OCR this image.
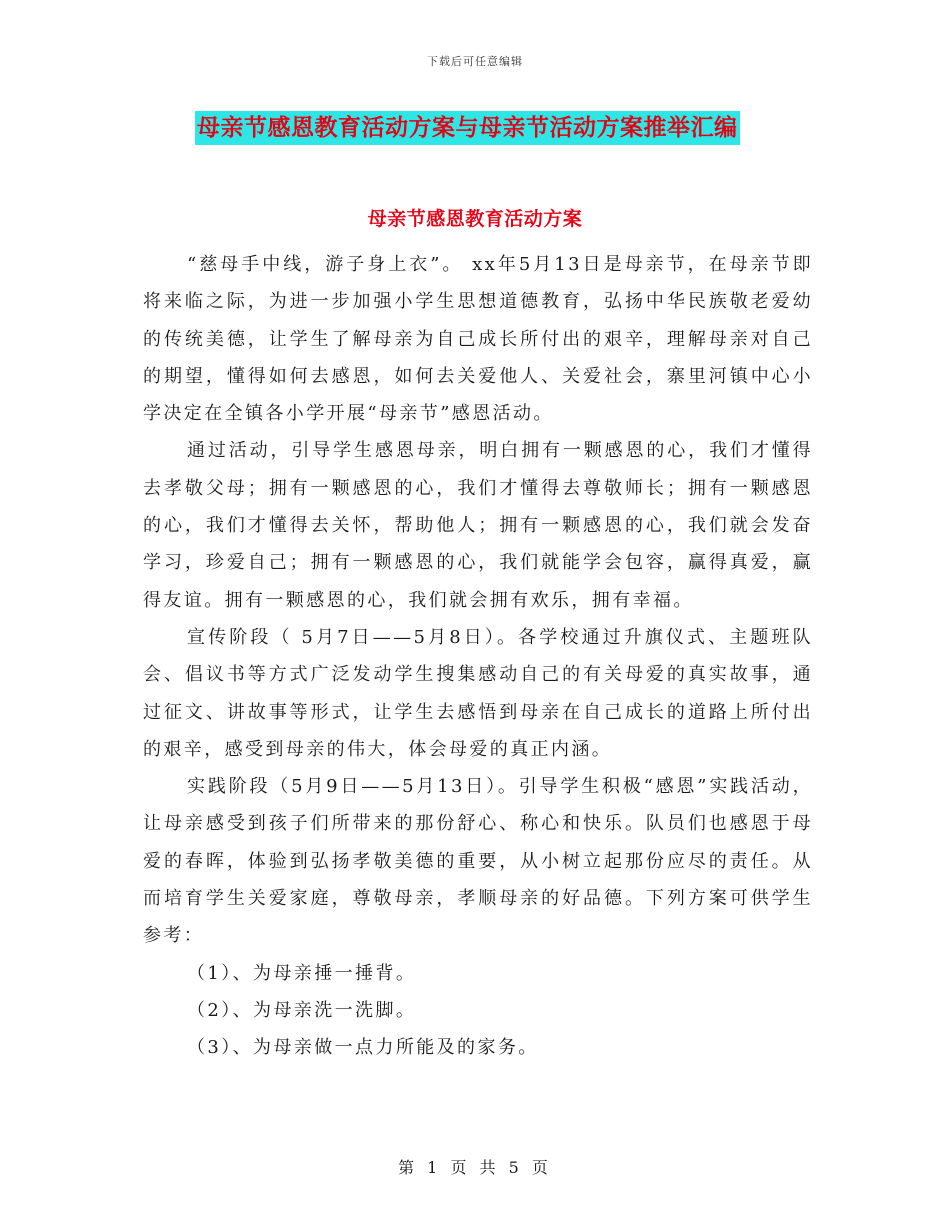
下载后可任意编辑
母亲节感恩教育活动方案与母亲节活动方案推举汇编
母亲节感恩教育活动方案

“慈母手中线，游子身上衣”。 xx年5月13日是母亲节，在母亲节即将来临之际，为进一步加强小学生思想道德教育，弘扬中华民族敬老爱幼的传统美德，让学生了解母亲为自己成长所付出的艰辛，理解母亲对自己的期望，懂得如何去感恩，如何去关爱他人、关爱社会，寨里河镇中心小学决定在全镇各小学开展“母亲节”感恩活动。

通过活动，引导学生感恩母亲，明白拥有一颗感恩的心，我们才懂得去孝敬父母；拥有一颗感恩的心，我们才懂得去尊敬师长；拥有一颗感恩的心，我们才懂得去关怀，帮助他人；拥有一颗感恩的心，我们就会发奋学习，珍爱自己；拥有一颗感恩的心，我们就能学会包容，赢得真爱，赢得友谊。拥有一颗感恩的心，我们就会拥有欢乐，拥有幸福。

宣传阶段（ 5月7日——5月8日）。各学校通过升旗仪式、主题班队会、倡议书等方式广泛发动学生搜集感动自己的有关母爱的真实故事，通过征文、讲故事等形式，让学生去感悟到母亲在自己成长的道路上所付出的艰辛，感受到母亲的伟大，体会母爱的真正内涵。

实践阶段（5月9日——5月13日）。引导学生积极“感恩”实践活动，让母亲感受到孩子们所带来的那份舒心、称心和快乐。队员们也感恩于母爱的春晖，体验到弘扬孝敬美德的重要，从小树立起那份应尽的责任。从而培育学生关爱家庭，尊敬母亲，孝顺母亲的好品德。下列方案可供学生参考：

（1）、为母亲捶一捶背。

（2）、为母亲洗一洗脚。

（3）、为母亲做一点力所能及的家务。

第 1 页 共 5 页
